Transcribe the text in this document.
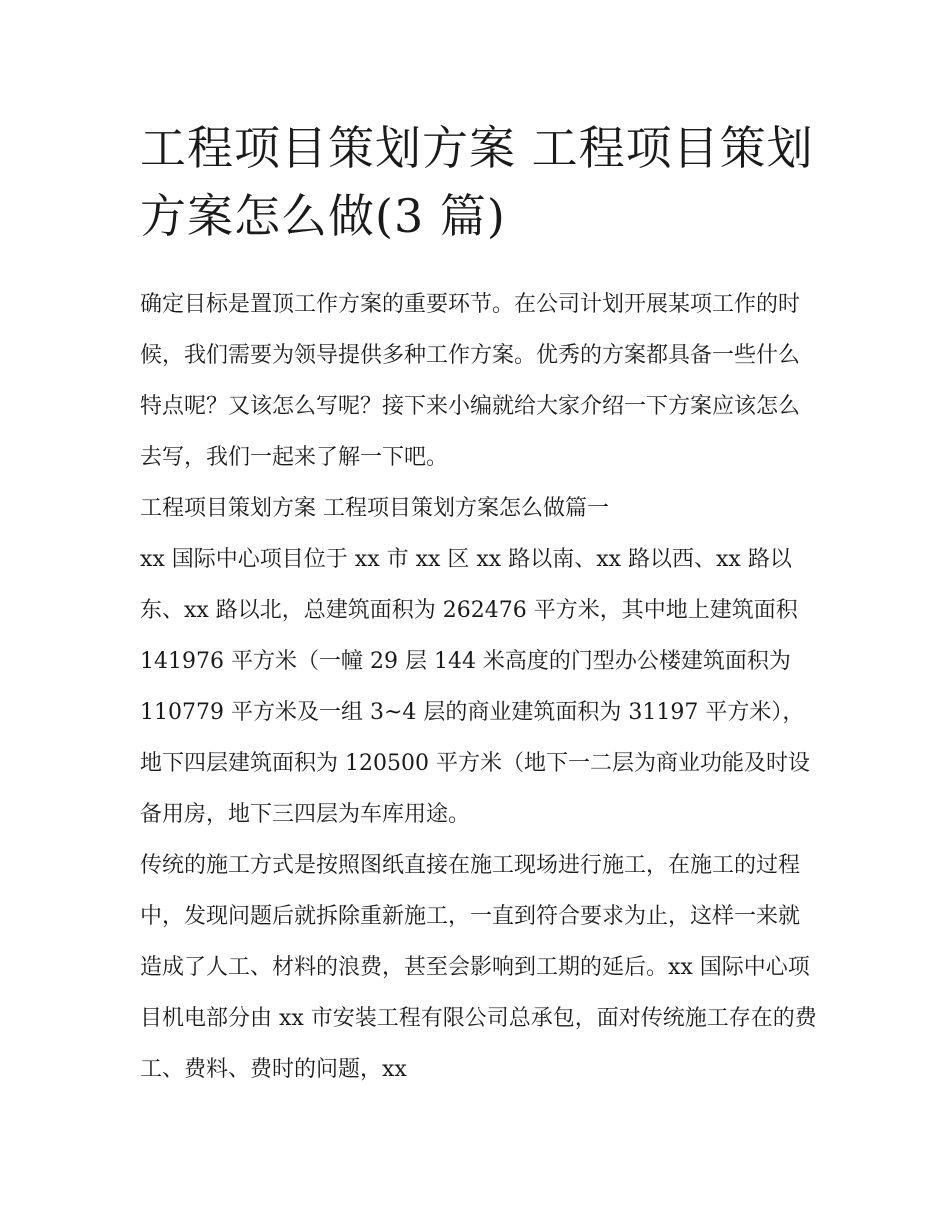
工程项目策划方案 工程项目策划方案怎么做(3 篇)

确定目标是置顶工作方案的重要环节。在公司计划开展某项工作的时候，我们需要为领导提供多种工作方案。优秀的方案都具备一些什么特点呢？又该怎么写呢？接下来小编就给大家介绍一下方案应该怎么去写，我们一起来了解一下吧。

工程项目策划方案 工程项目策划方案怎么做篇一

xx 国际中心项目位于 xx 市 xx 区 xx 路以南、xx 路以西、xx 路以东、xx 路以北，总建筑面积为 262476 平方米，其中地上建筑面积 141976 平方米（一幢 29 层 144 米高度的门型办公楼建筑面积为 110779 平方米及一组 3~4 层的商业建筑面积为 31197 平方米），地下四层建筑面积为 120500 平方米（地下一二层为商业功能及时设备用房，地下三四层为车库用途。

传统的施工方式是按照图纸直接在施工现场进行施工，在施工的过程中，发现问题后就拆除重新施工，一直到符合要求为止，这样一来就造成了人工、材料的浪费，甚至会影响到工期的延后。xx 国际中心项目机电部分由 xx 市安装工程有限公司总承包，面对传统施工存在的费工、费料、费时的问题，xx
